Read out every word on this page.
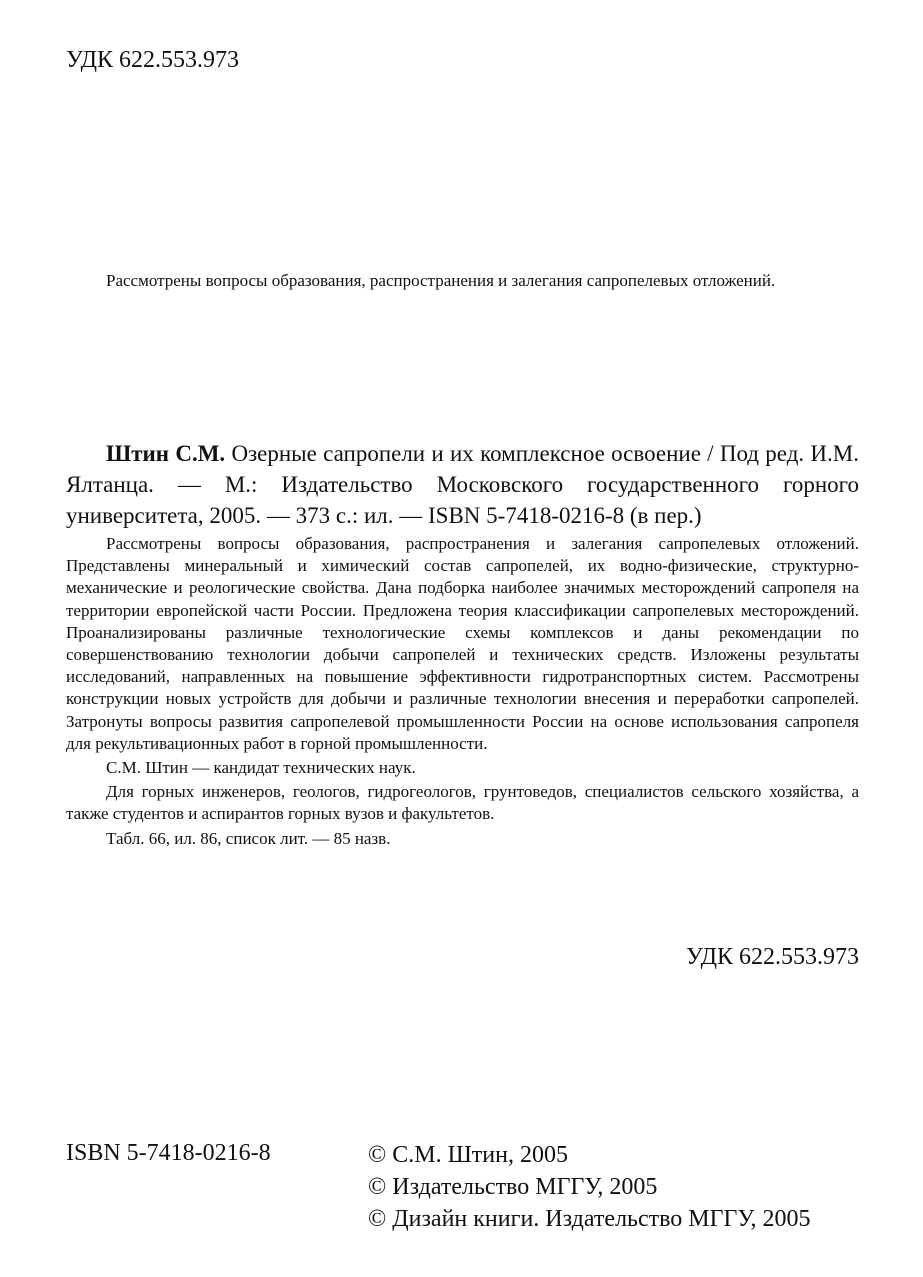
УДК 622.553.973
Рассмотрены вопросы образования, распространения и залегания сапропелевых отложений.

Штин С.М. Озерные сапропели и их комплексное освоение / Под ред. И.М. Ялтанца. — М.: Издательство Московского государственного горного университета, 2005. — 373 с.: ил. — ISBN 5-7418-0216-8 (в пер.)

Рассмотрены вопросы образования, распространения и залегания сапропелевых отложений. Представлены минеральный и химический состав сапропелей, их водно-физические, структурно-механические и реологические свойства. Дана подборка наиболее значимых месторождений сапропеля на территории европейской части России. Предложена теория классификации сапропелевых месторождений. Проанализированы различные технологические схемы комплексов и даны рекомендации по совершенствованию технологии добычи сапропелей и технических средств. Изложены результаты исследований, направленных на повышение эффективности гидротранспортных систем. Рассмотрены конструкции новых устройств для добычи и различные технологии внесения и переработки сапропелей. Затронуты вопросы развития сапропелевой промышленности России на основе использования сапропеля для рекультивационных работ в горной промышленности.

С.М. Штин — кандидат технических наук.

Для горных инженеров, геологов, гидрогеологов, грунтоведов, специалистов сельского хозяйства, а также студентов и аспирантов горных вузов и факультетов.

Табл. 66, ил. 86, список лит. — 85 назв.

УДК 622.553.973
ISBN 5-7418-0216-8	© С.М. Штин, 2005
© Издательство МГГУ, 2005
© Дизайн книги. Издательство МГГУ, 2005
